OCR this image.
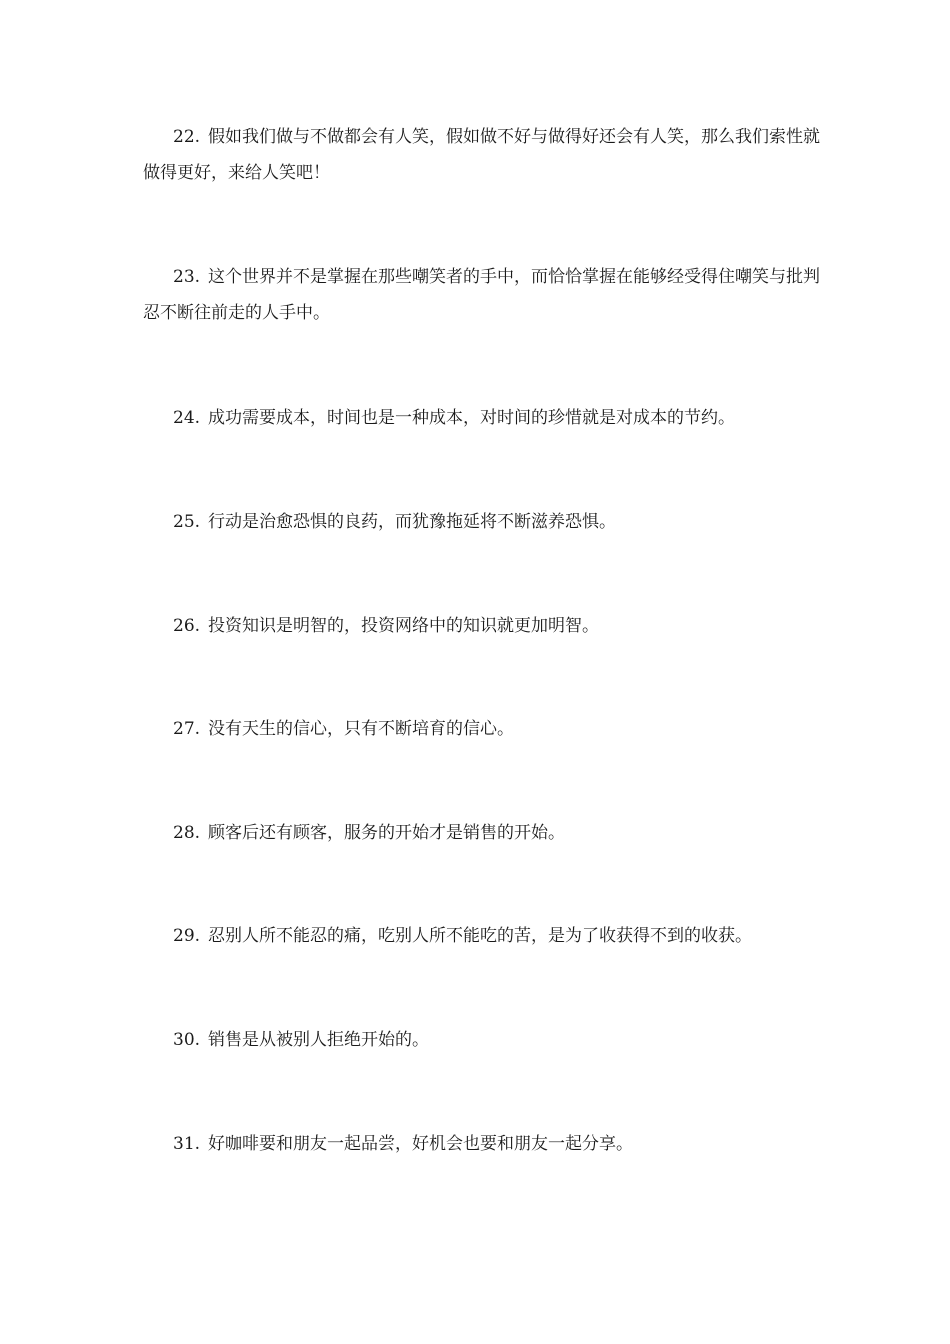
22. 假如我们做与不做都会有人笑，假如做不好与做得好还会有人笑，那么我们索性就做得更好，来给人笑吧！

23. 这个世界并不是掌握在那些嘲笑者的手中，而恰恰掌握在能够经受得住嘲笑与批判忍不断往前走的人手中。

24. 成功需要成本，时间也是一种成本，对时间的珍惜就是对成本的节约。

25. 行动是治愈恐惧的良药，而犹豫拖延将不断滋养恐惧。

26. 投资知识是明智的，投资网络中的知识就更加明智。

27. 没有天生的信心，只有不断培育的信心。

28. 顾客后还有顾客，服务的开始才是销售的开始。

29. 忍别人所不能忍的痛，吃别人所不能吃的苦，是为了收获得不到的收获。

30. 销售是从被别人拒绝开始的。

31. 好咖啡要和朋友一起品尝，好机会也要和朋友一起分享。
